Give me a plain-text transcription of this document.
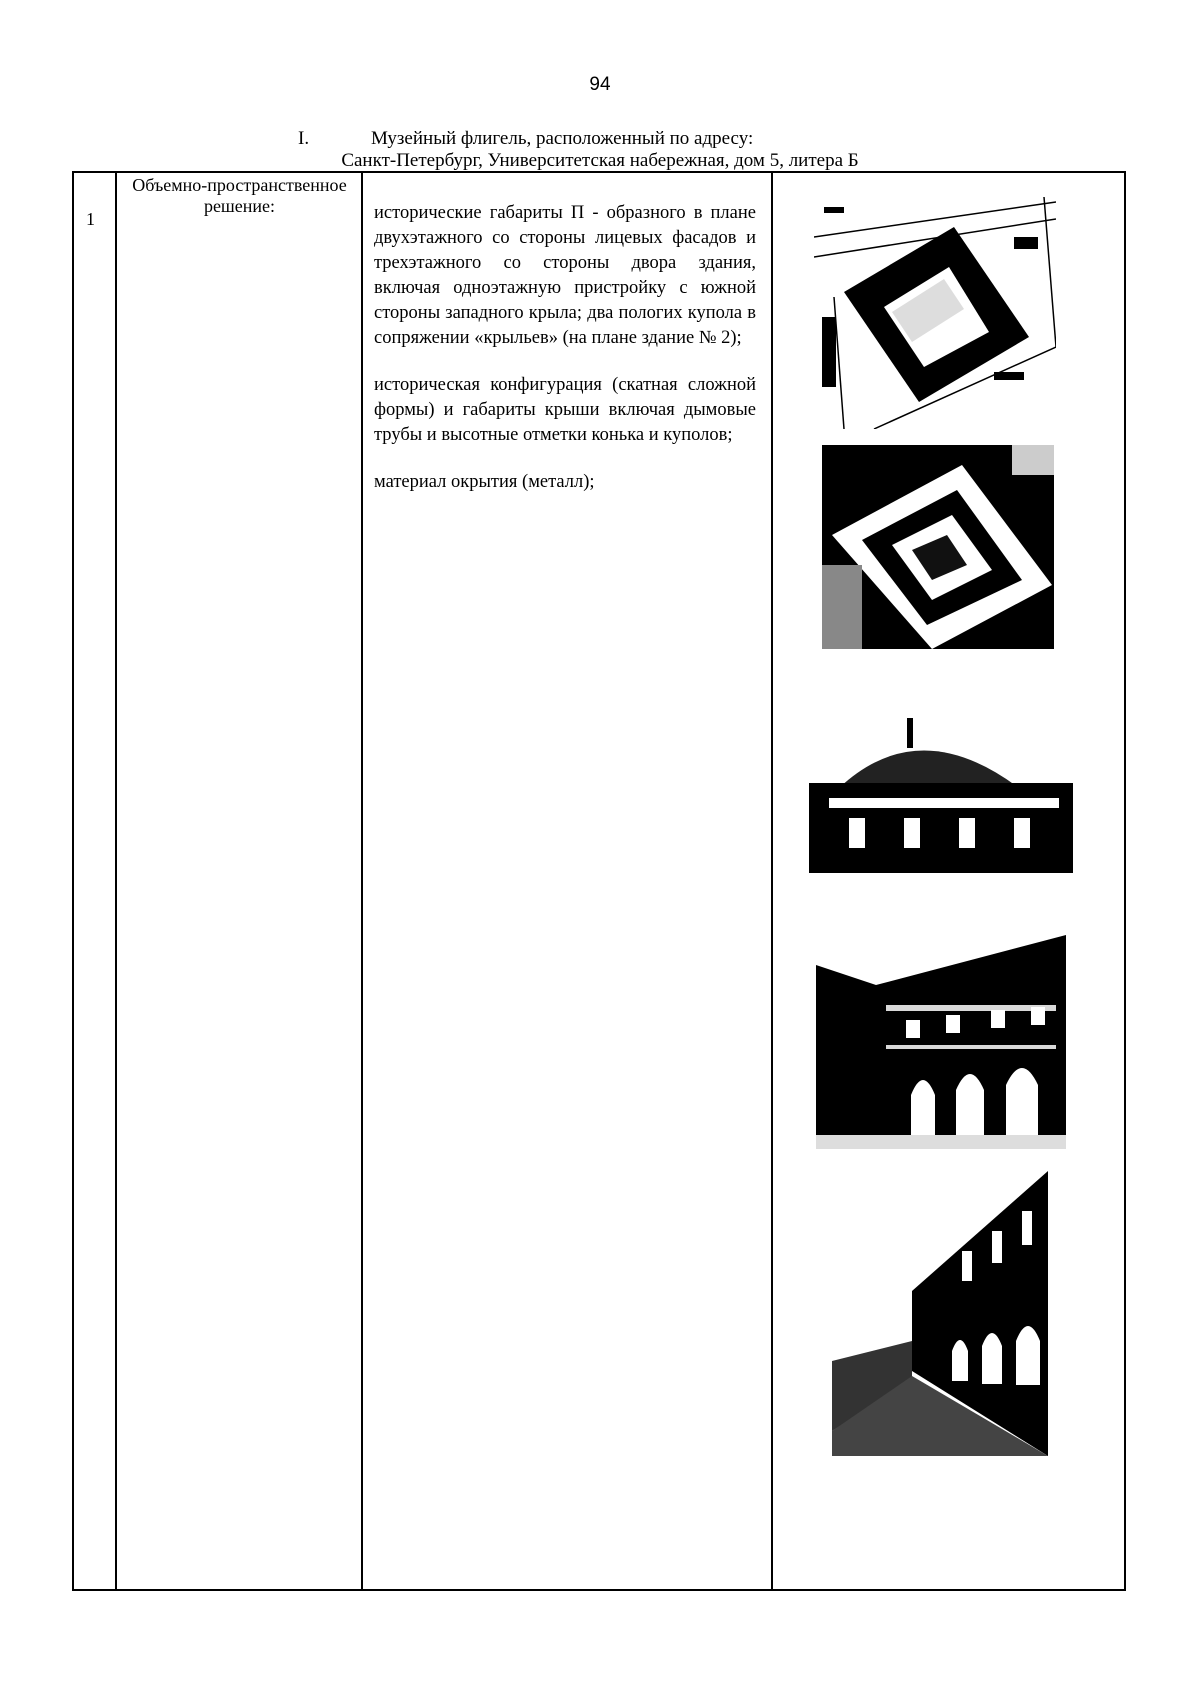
94
I.	Музейный флигель, расположенный по адресу:
Санкт-Петербург, Университетская набережная, дом 5, литера Б
1
Объемно-пространственное решение:	исторические габариты П - образного в плане двухэтажного со стороны лицевых фасадов и трехэтажного со стороны двора здания, включая одноэтажную пристройку с южной стороны западного крыла; два пологих купола в сопряжении «крыльев» (на плане здание № 2);

историческая конфигурация (скатная сложной формы) и габариты крыши включая дымовые трубы и высотные отметки конька и куполов;

материал окрытия (металл);
